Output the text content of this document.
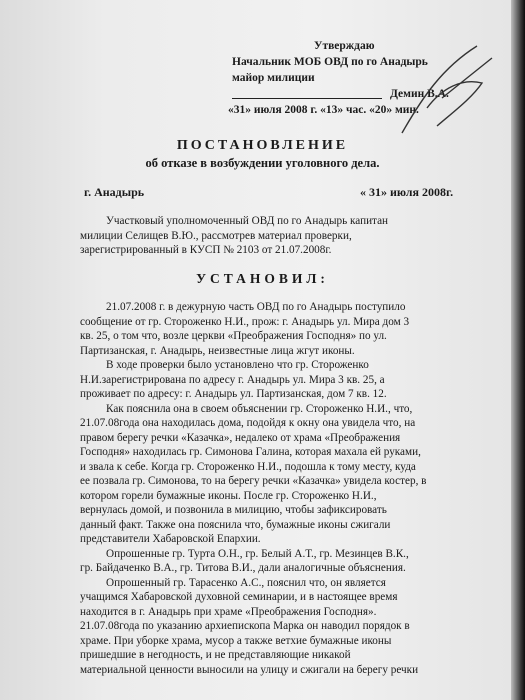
Утверждаю
Начальник МОБ ОВД по го Анадырь
майор милиции
Демин В.А.
«31» июля 2008 г. «13» час. «20» мин.
ПОСТАНОВЛЕНИЕ
об отказе в возбуждении уголовного дела.
г. Анадырь	« 31» июля 2008г.

Участковый уполномоченный ОВД по го Анадырь капитан
милиции Селищев В.Ю., рассмотрев материал проверки,
зарегистрированный в КУСП № 2103 от 21.07.2008г.

УСТАНОВИЛ:

21.07.2008 г. в дежурную часть ОВД по го Анадырь поступило
сообщение от гр. Стороженко Н.И., прож: г. Анадырь ул. Мира дом 3
кв. 25, о том что, возле церкви «Преображения Господня» по ул.
Партизанская, г. Анадырь, неизвестные лица жгут иконы.

В ходе проверки было установлено что гр. Стороженко
Н.И.зарегистрирована по адресу г. Анадырь ул. Мира 3 кв. 25, а
проживает по адресу: г. Анадырь ул. Партизанская, дом 7 кв. 12.

Как пояснила она в своем объяснении гр. Стороженко Н.И., что,
21.07.08года она находилась дома, подойдя к окну она увидела что, на
правом берегу речки «Казачка», недалеко от храма «Преображения
Господня» находилась гр. Симонова Галина, которая махала ей руками,
и звала к себе. Когда гр. Стороженко Н.И., подошла к тому месту, куда
ее позвала гр. Симонова, то на берегу речки «Казачка» увидела костер, в
котором горели бумажные иконы. После гр. Стороженко Н.И.,
вернулась домой, и позвонила в милицию, чтобы зафиксировать
данный факт. Также она пояснила что, бумажные иконы сжигали
представители Хабаровской Епархии.

Опрошенные гр. Турта О.Н., гр. Белый А.Т., гр. Мезинцев В.К.,
гр. Байдаченко В.А., гр. Титова В.И., дали аналогичные объяснения.

Опрошенный гр. Тарасенко А.С., пояснил что, он является
учащимся Хабаровской духовной семинарии, и в настоящее время
находится в г. Анадырь при храме «Преображения Господня».
21.07.08года по указанию архиепископа Марка он наводил порядок в
храме. При уборке храма, мусор а также ветхие бумажные иконы
пришедшие в негодность, и не представляющие никакой
материальной ценности выносили на улицу и сжигали на берегу речки
